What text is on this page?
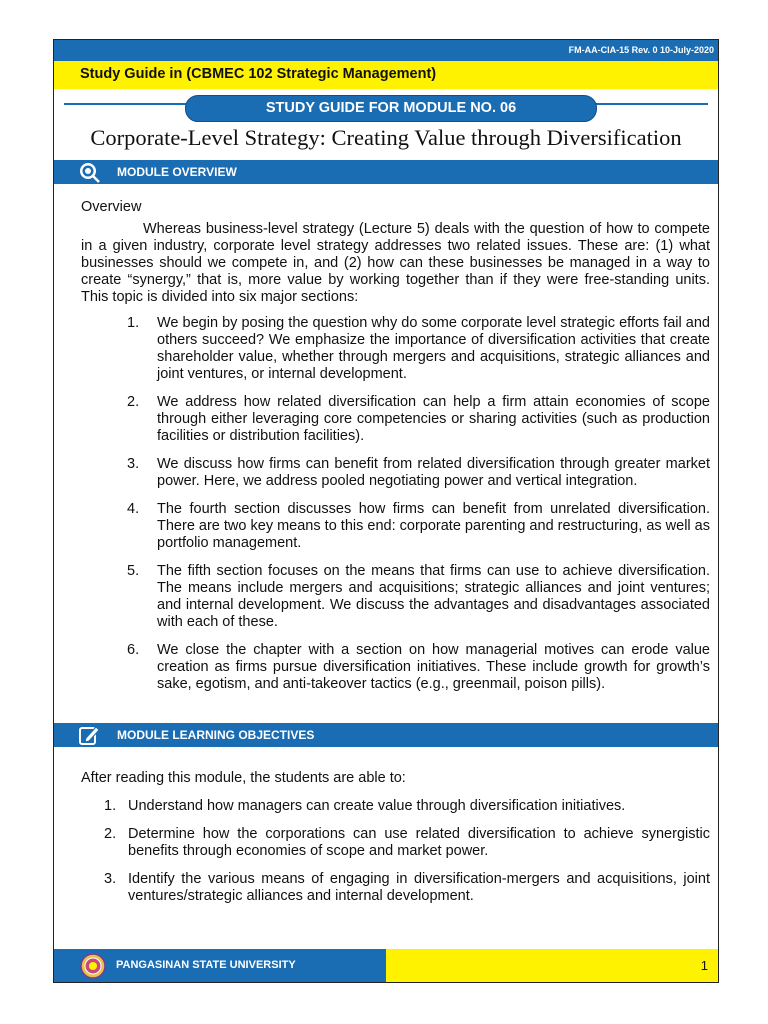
FM-AA-CIA-15 Rev. 0 10-July-2020
Study Guide in (CBMEC 102 Strategic Management)
STUDY GUIDE FOR MODULE NO. 06
Corporate-Level Strategy: Creating Value through Diversification
MODULE OVERVIEW
Overview

Whereas business-level strategy (Lecture 5) deals with the question of how to compete in a given industry, corporate level strategy addresses two related issues. These are: (1) what businesses should we compete in, and (2) how can these businesses be managed in a way to create “synergy,” that is, more value by working together than if they were free-standing units. This topic is divided into six major sections:

1. We begin by posing the question why do some corporate level strategic efforts fail and others succeed? We emphasize the importance of diversification activities that create shareholder value, whether through mergers and acquisitions, strategic alliances and joint ventures, or internal development.
2. We address how related diversification can help a firm attain economies of scope through either leveraging core competencies or sharing activities (such as production facilities or distribution facilities).
3. We discuss how firms can benefit from related diversification through greater market power. Here, we address pooled negotiating power and vertical integration.
4. The fourth section discusses how firms can benefit from unrelated diversification. There are two key means to this end: corporate parenting and restructuring, as well as portfolio management.
5. The fifth section focuses on the means that firms can use to achieve diversification. The means include mergers and acquisitions; strategic alliances and joint ventures; and internal development. We discuss the advantages and disadvantages associated with each of these.
6. We close the chapter with a section on how managerial motives can erode value creation as firms pursue diversification initiatives. These include growth for growth’s sake, egotism, and anti-takeover tactics (e.g., greenmail, poison pills).
MODULE LEARNING OBJECTIVES
After reading this module, the students are able to:
1. Understand how managers can create value through diversification initiatives.
2. Determine how the corporations can use related diversification to achieve synergistic benefits through economies of scope and market power.
3. Identify the various means of engaging in diversification-mergers and acquisitions, joint ventures/strategic alliances and internal development.
PANGASINAN STATE UNIVERSITY	1
